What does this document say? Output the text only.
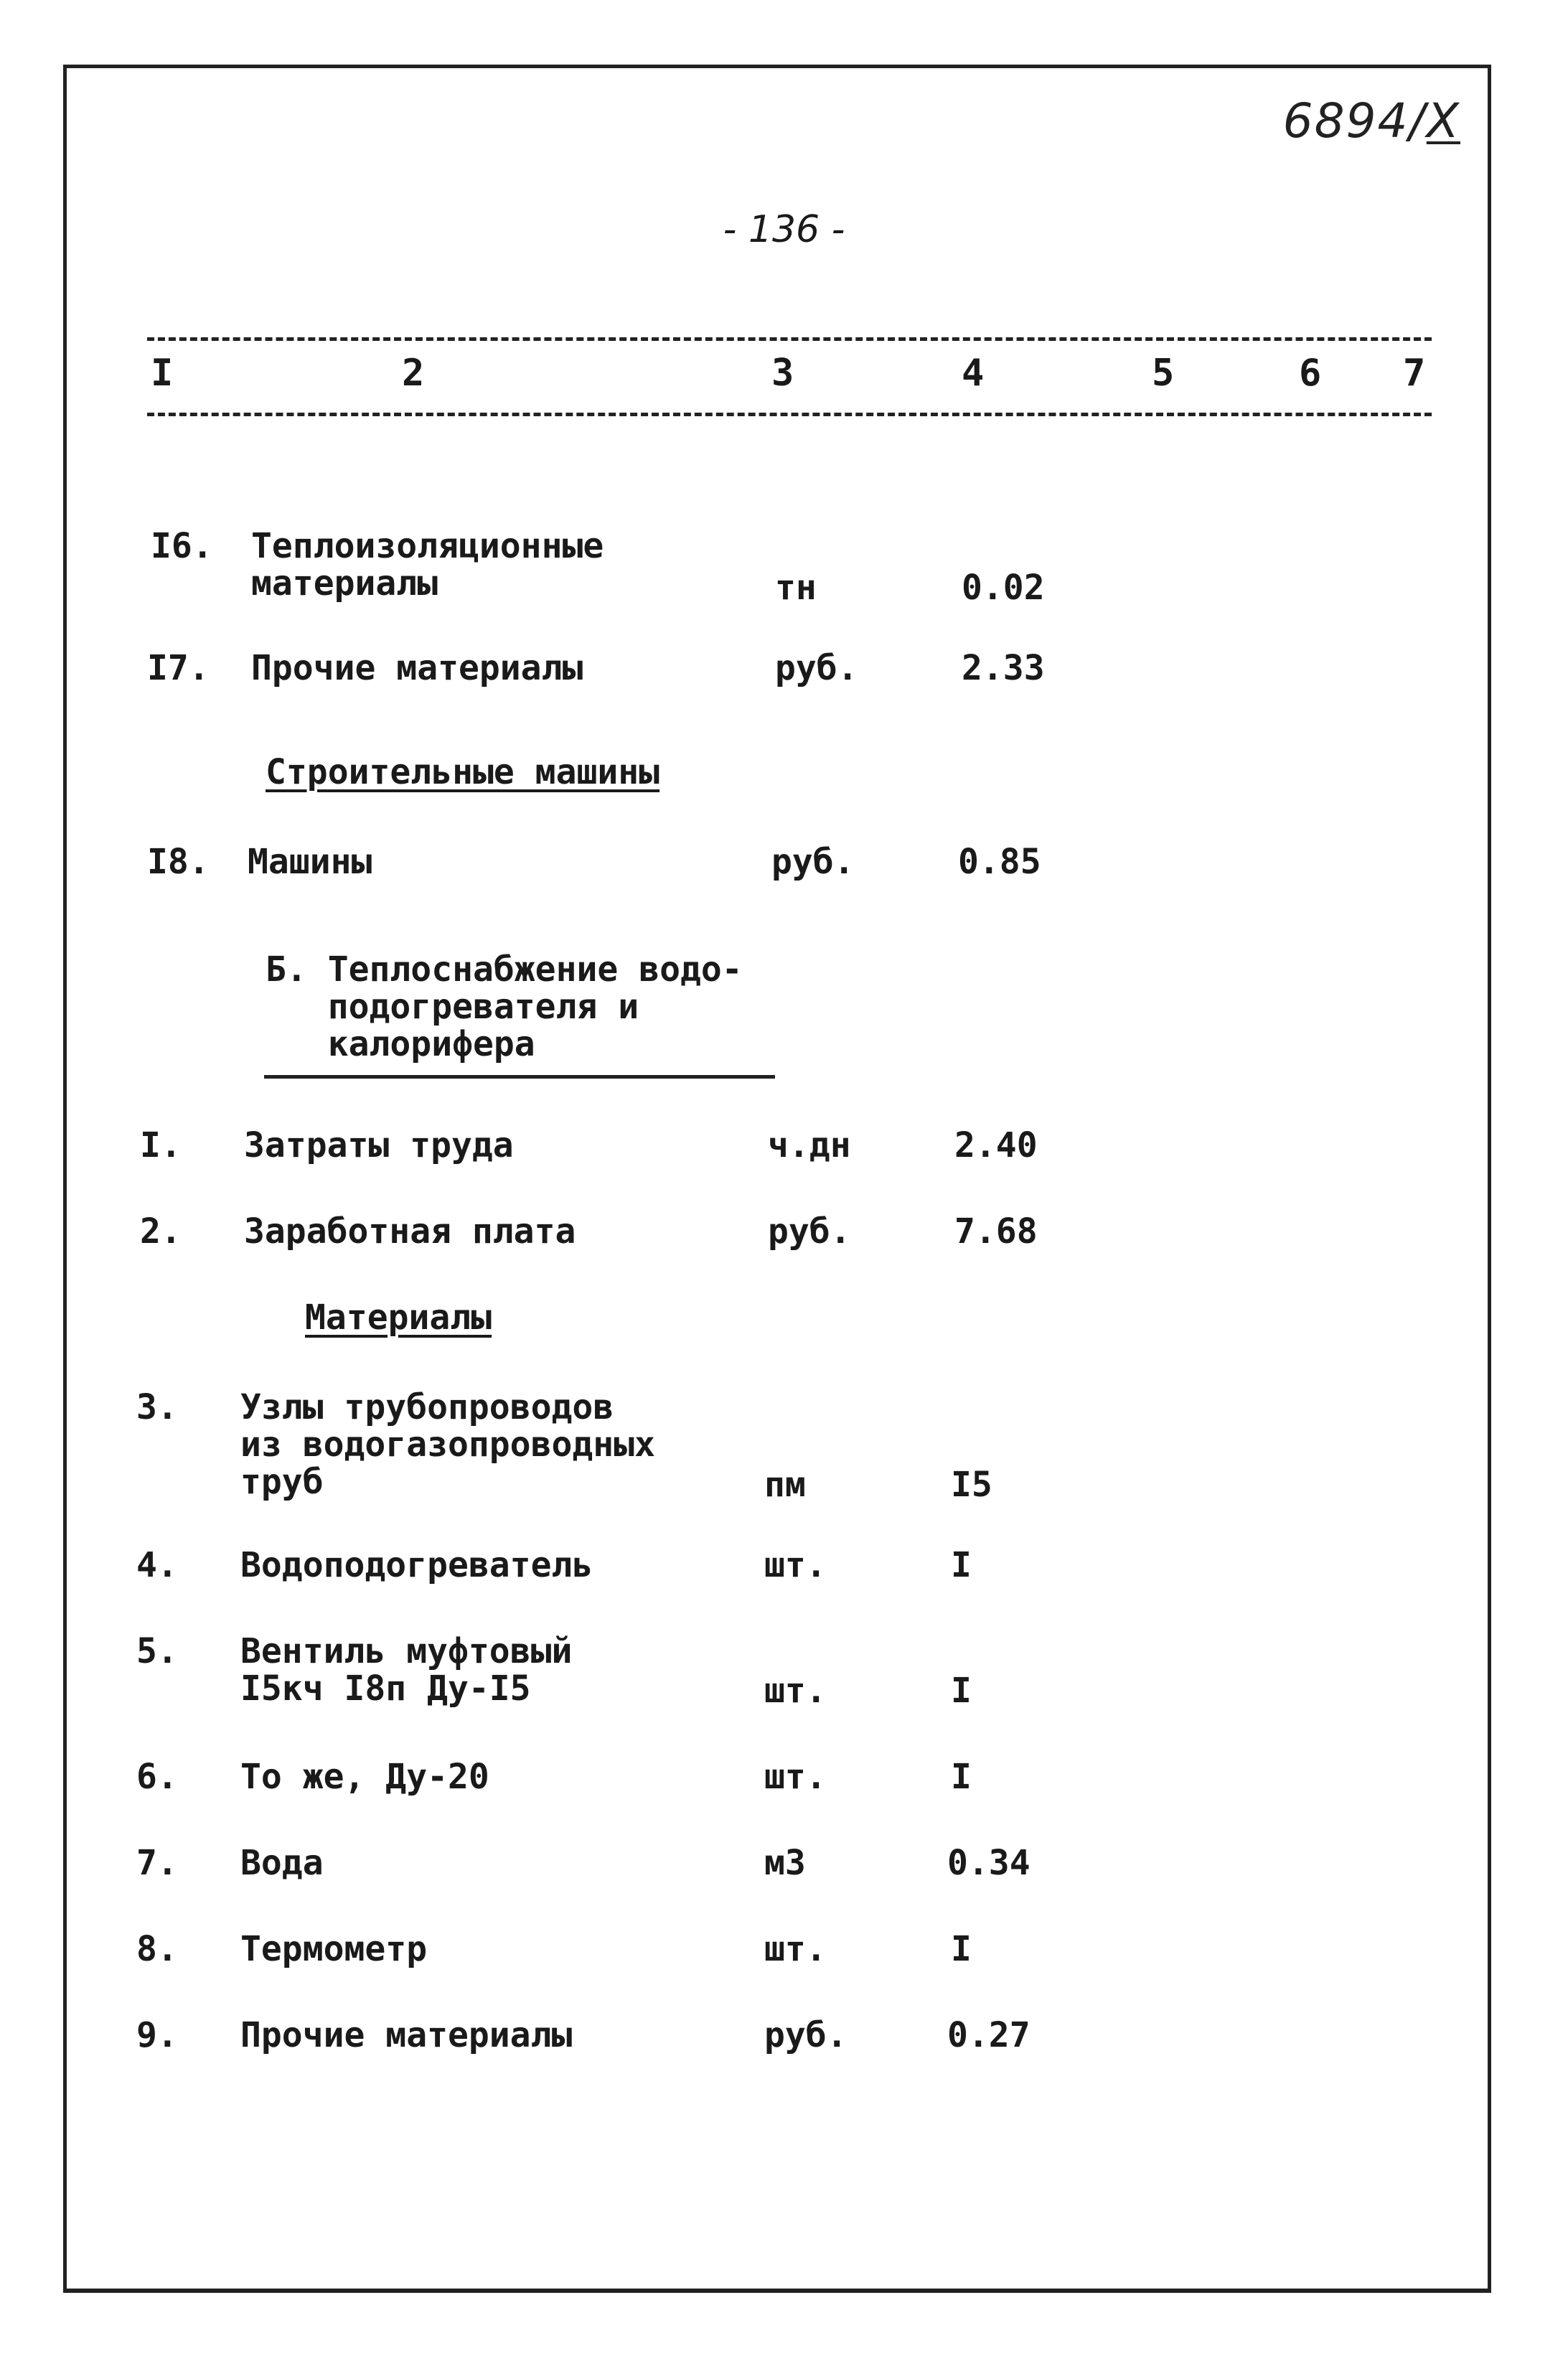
6894/X
- 136 -
I	2	3	4	5	6 7
I6.	Теплоизоляционные
материалы	тн	0.02
I7.	Прочие материалы	руб.	2.33
Строительные машины
I8.	Машины	руб.	0.85
Б. Теплоснабжение водо-
подогревателя и
калорифера
I.	Затраты труда	ч.дн	2.40
2.	Заработная плата	руб.	7.68
Материалы
3.	Узлы трубопроводов
из водогазопроводных
труб	пм	I5
4.	Водоподогреватель	шт.	I
5.	Вентиль муфтовый
I5кч I8п Ду-I5	шт.	I
6.	То же, Ду-20	шт.	I
7.	Вода	м3	0.34
8.	Термометр	шт.	I
9.	Прочие материалы	руб.	0.27
